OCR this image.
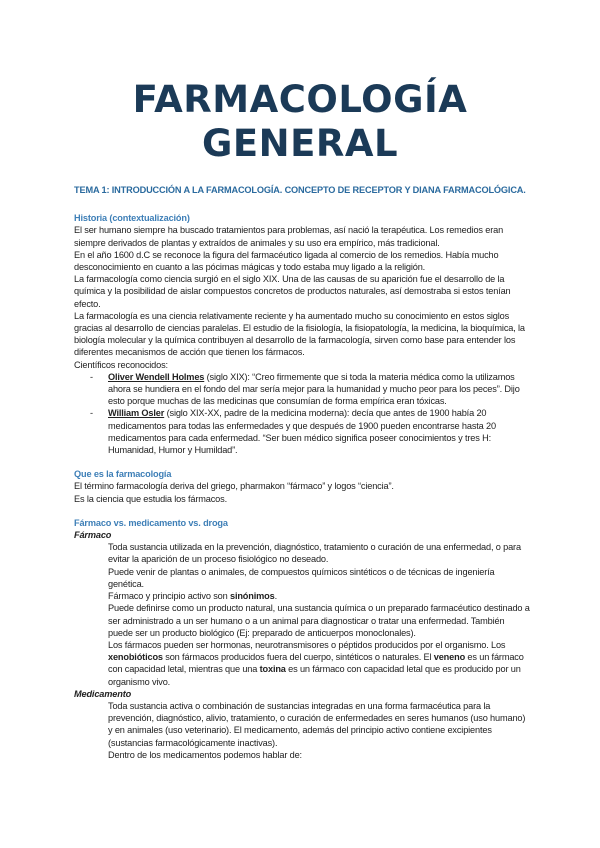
FARMACOLOGÍA
GENERAL

TEMA 1: INTRODUCCIÓN A LA FARMACOLOGÍA. CONCEPTO DE RECEPTOR Y DIANA FARMACOLÓGICA.

Historia (contextualización)

El ser humano siempre ha buscado tratamientos para problemas, así nació la terapéutica. Los remedios eran siempre derivados de plantas y extraídos de animales y su uso era empírico, más tradicional.

En el año 1600 d.C se reconoce la figura del farmacéutico ligada al comercio de los remedios. Había mucho desconocimiento en cuanto a las pócimas mágicas y todo estaba muy ligado a la religión.

La farmacología como ciencia surgió en el siglo XIX. Una de las causas de su aparición fue el desarrollo de la química y la posibilidad de aislar compuestos concretos de productos naturales, así demostraba si estos tenían efecto.

La farmacología es una ciencia relativamente reciente y ha aumentado mucho su conocimiento en estos siglos gracias al desarrollo de ciencias paralelas. El estudio de la fisiología, la fisiopatología, la medicina, la bioquímica, la biología molecular y la química contribuyen al desarrollo de la farmacología, sirven como base para entender los diferentes mecanismos de acción que tienen los fármacos.

Científicos reconocidos:

- Oliver Wendell Holmes (siglo XIX): “Creo firmemente que si toda la materia médica como la utilizamos ahora se hundiera en el fondo del mar sería mejor para la humanidad y mucho peor para los peces”. Dijo esto porque muchas de las medicinas que consumían de forma empírica eran tóxicas.
- William Osler (siglo XIX-XX, padre de la medicina moderna): decía que antes de 1900 había 20 medicamentos para todas las enfermedades y que después de 1900 pueden encontrarse hasta 20 medicamentos para cada enfermedad. “Ser buen médico significa poseer conocimientos y tres H: Humanidad, Humor y Humildad”.

Que es la farmacología

El término farmacología deriva del griego, pharmakon “fármaco” y logos “ciencia”.

Es la ciencia que estudia los fármacos.

Fármaco vs. medicamento vs. droga

Fármaco

Toda sustancia utilizada en la prevención, diagnóstico, tratamiento o curación de una enfermedad, o para evitar la aparición de un proceso fisiológico no deseado.

Puede venir de plantas o animales, de compuestos químicos sintéticos o de técnicas de ingeniería genética.

Fármaco y principio activo son sinónimos.

Puede definirse como un producto natural, una sustancia química o un preparado farmacéutico destinado a ser administrado a un ser humano o a un animal para diagnosticar o tratar una enfermedad. También puede ser un producto biológico (Ej: preparado de anticuerpos monoclonales).

Los fármacos pueden ser hormonas, neurotransmisores o péptidos producidos por el organismo. Los xenobióticos son fármacos producidos fuera del cuerpo, sintéticos o naturales. El veneno es un fármaco con capacidad letal, mientras que una toxina es un fármaco con capacidad letal que es producido por un organismo vivo.

Medicamento

Toda sustancia activa o combinación de sustancias integradas en una forma farmacéutica para la prevención, diagnóstico, alivio, tratamiento, o curación de enfermedades en seres humanos (uso humano) y en animales (uso veterinario). El medicamento, además del principio activo contiene excipientes (sustancias farmacológicamente inactivas).

Dentro de los medicamentos podemos hablar de:
